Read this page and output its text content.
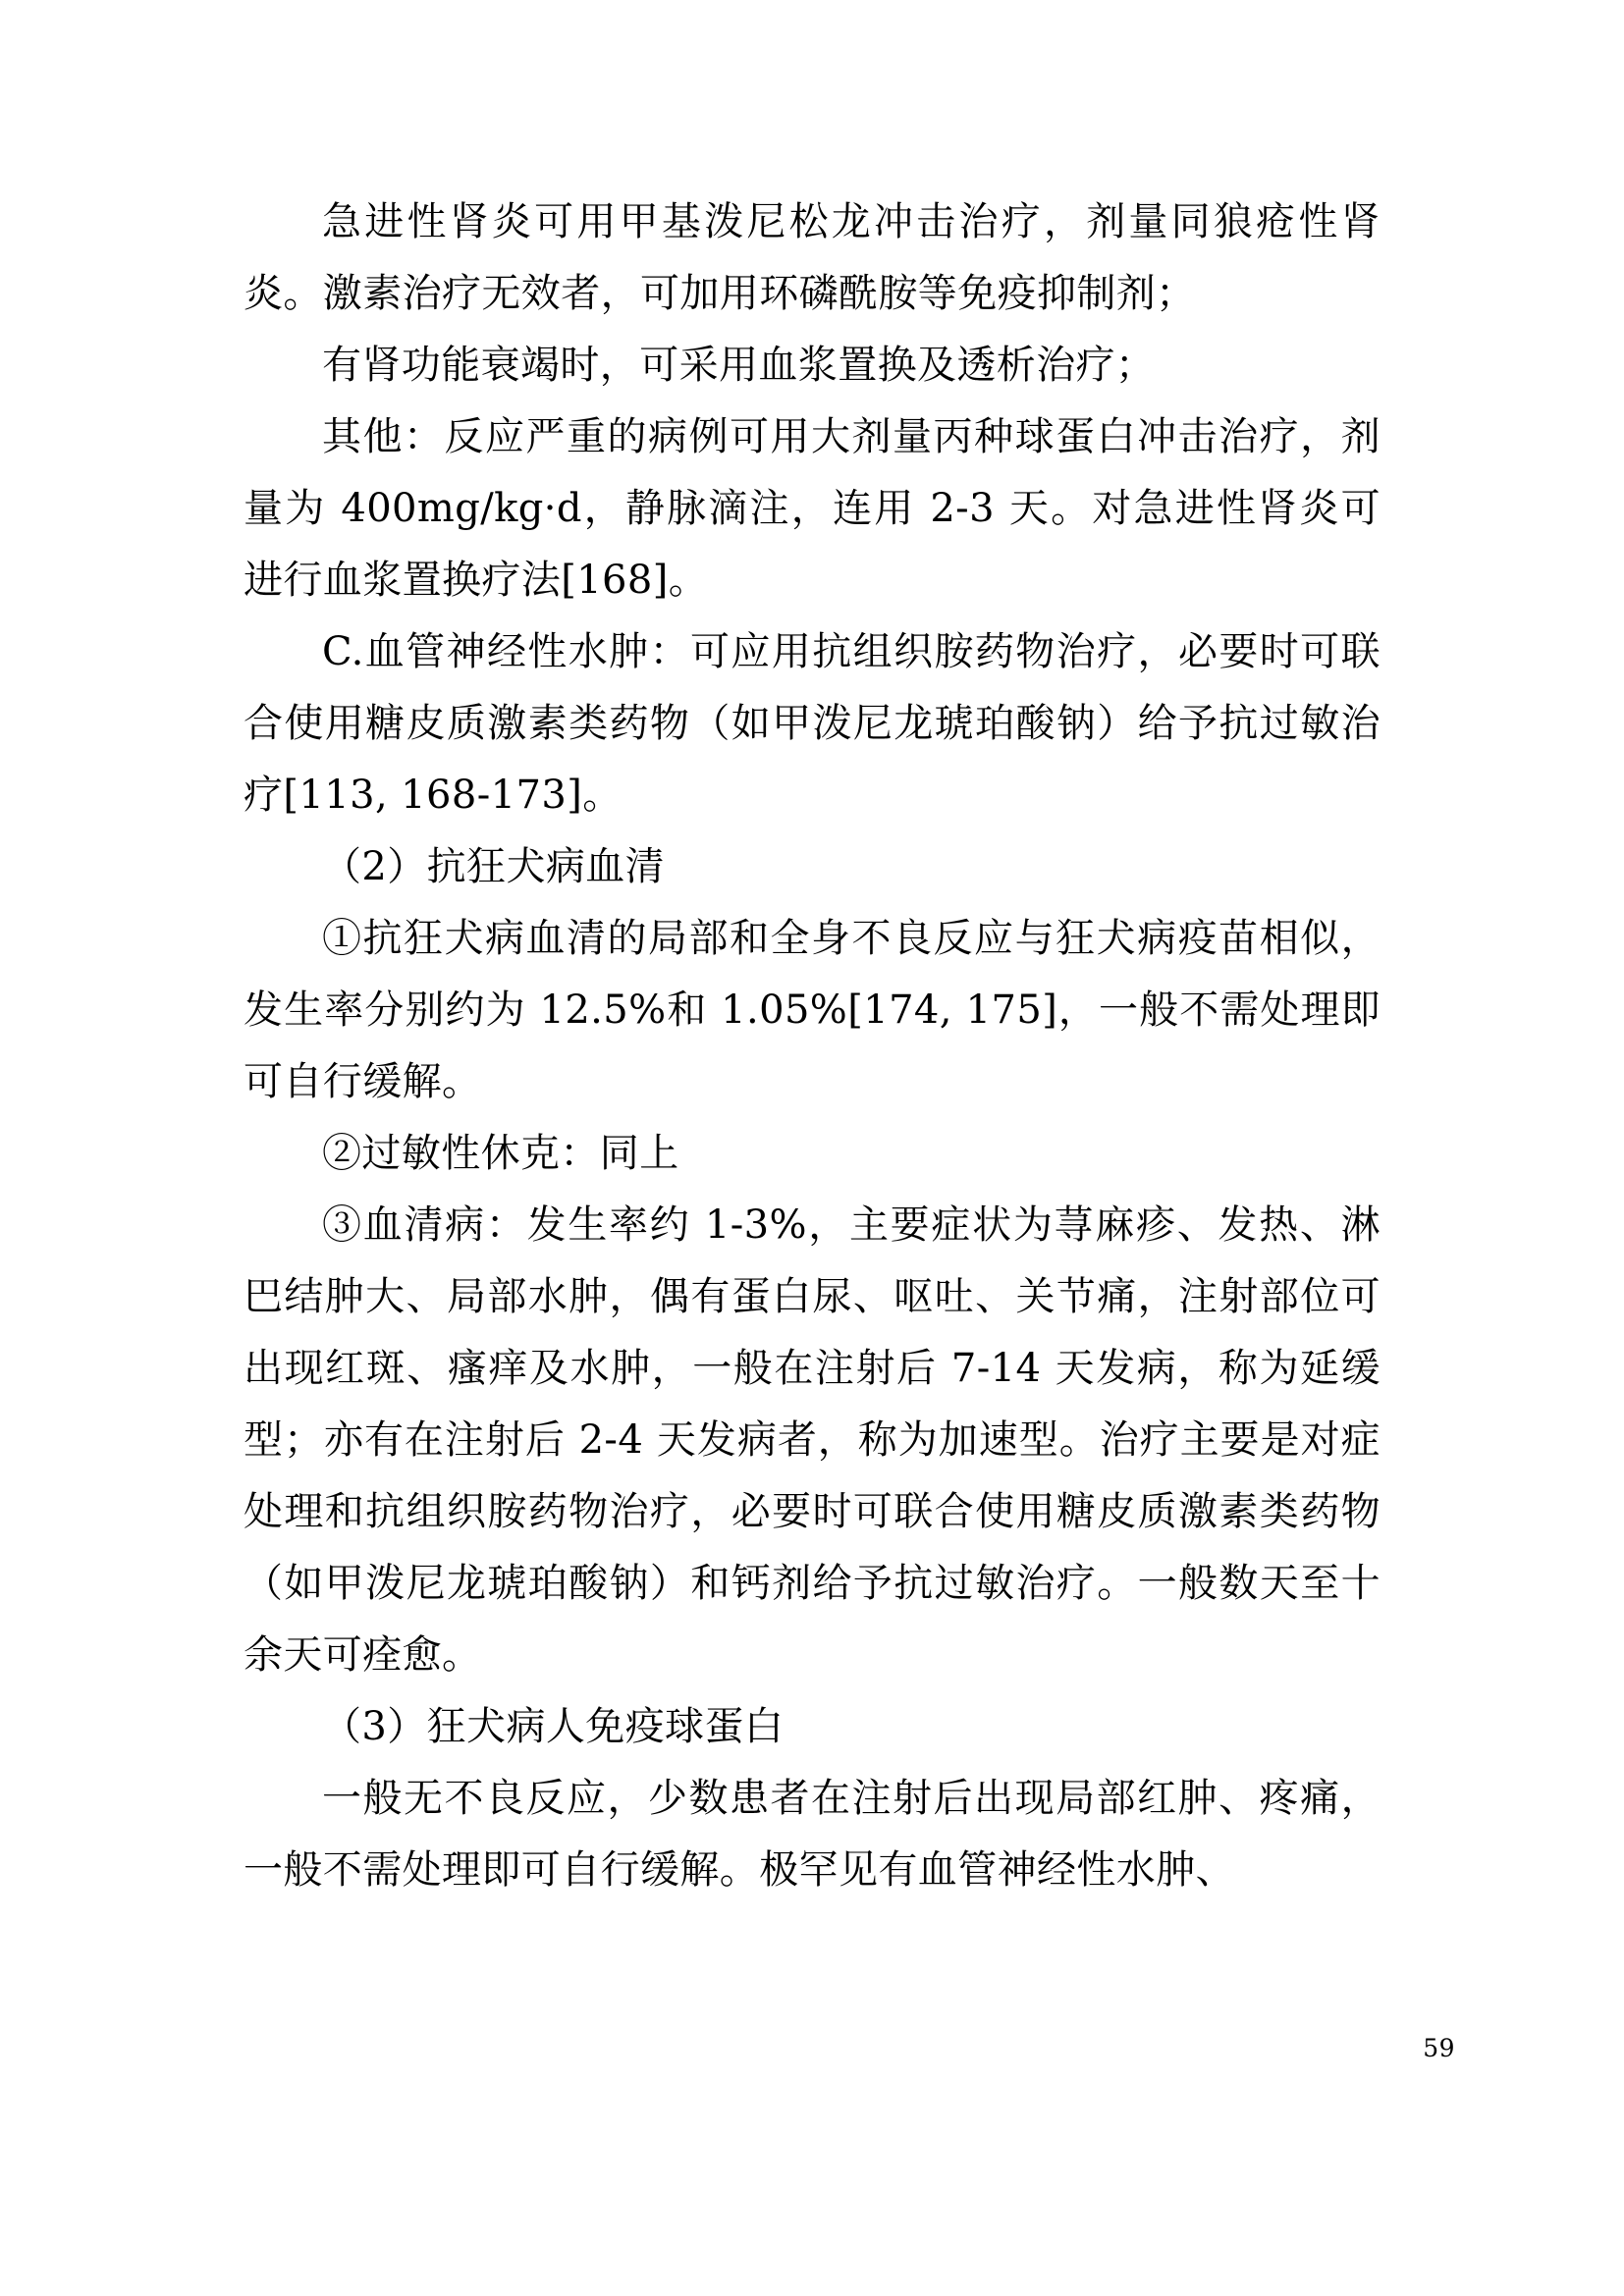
急进性肾炎可用甲基泼尼松龙冲击治疗，剂量同狼疮性肾炎。激素治疗无效者，可加用环磷酰胺等免疫抑制剂；

有肾功能衰竭时，可采用血浆置换及透析治疗；

其他：反应严重的病例可用大剂量丙种球蛋白冲击治疗，剂量为 400mg/kg·d，静脉滴注，连用 2-3 天。对急进性肾炎可进行血浆置换疗法[168]。

C.血管神经性水肿：可应用抗组织胺药物治疗，必要时可联合使用糖皮质激素类药物（如甲泼尼龙琥珀酸钠）给予抗过敏治疗[113, 168-173]。

（2）抗狂犬病血清

①抗狂犬病血清的局部和全身不良反应与狂犬病疫苗相似，发生率分别约为 12.5%和 1.05%[174, 175]，一般不需处理即可自行缓解。

②过敏性休克：同上

③血清病：发生率约 1-3%，主要症状为荨麻疹、发热、淋巴结肿大、局部水肿，偶有蛋白尿、呕吐、关节痛，注射部位可出现红斑、瘙痒及水肿，一般在注射后 7-14 天发病，称为延缓型；亦有在注射后 2-4 天发病者，称为加速型。治疗主要是对症处理和抗组织胺药物治疗，必要时可联合使用糖皮质激素类药物（如甲泼尼龙琥珀酸钠）和钙剂给予抗过敏治疗。一般数天至十余天可痊愈。

（3）狂犬病人免疫球蛋白

一般无不良反应，少数患者在注射后出现局部红肿、疼痛，一般不需处理即可自行缓解。极罕见有血管神经性水肿、

59
